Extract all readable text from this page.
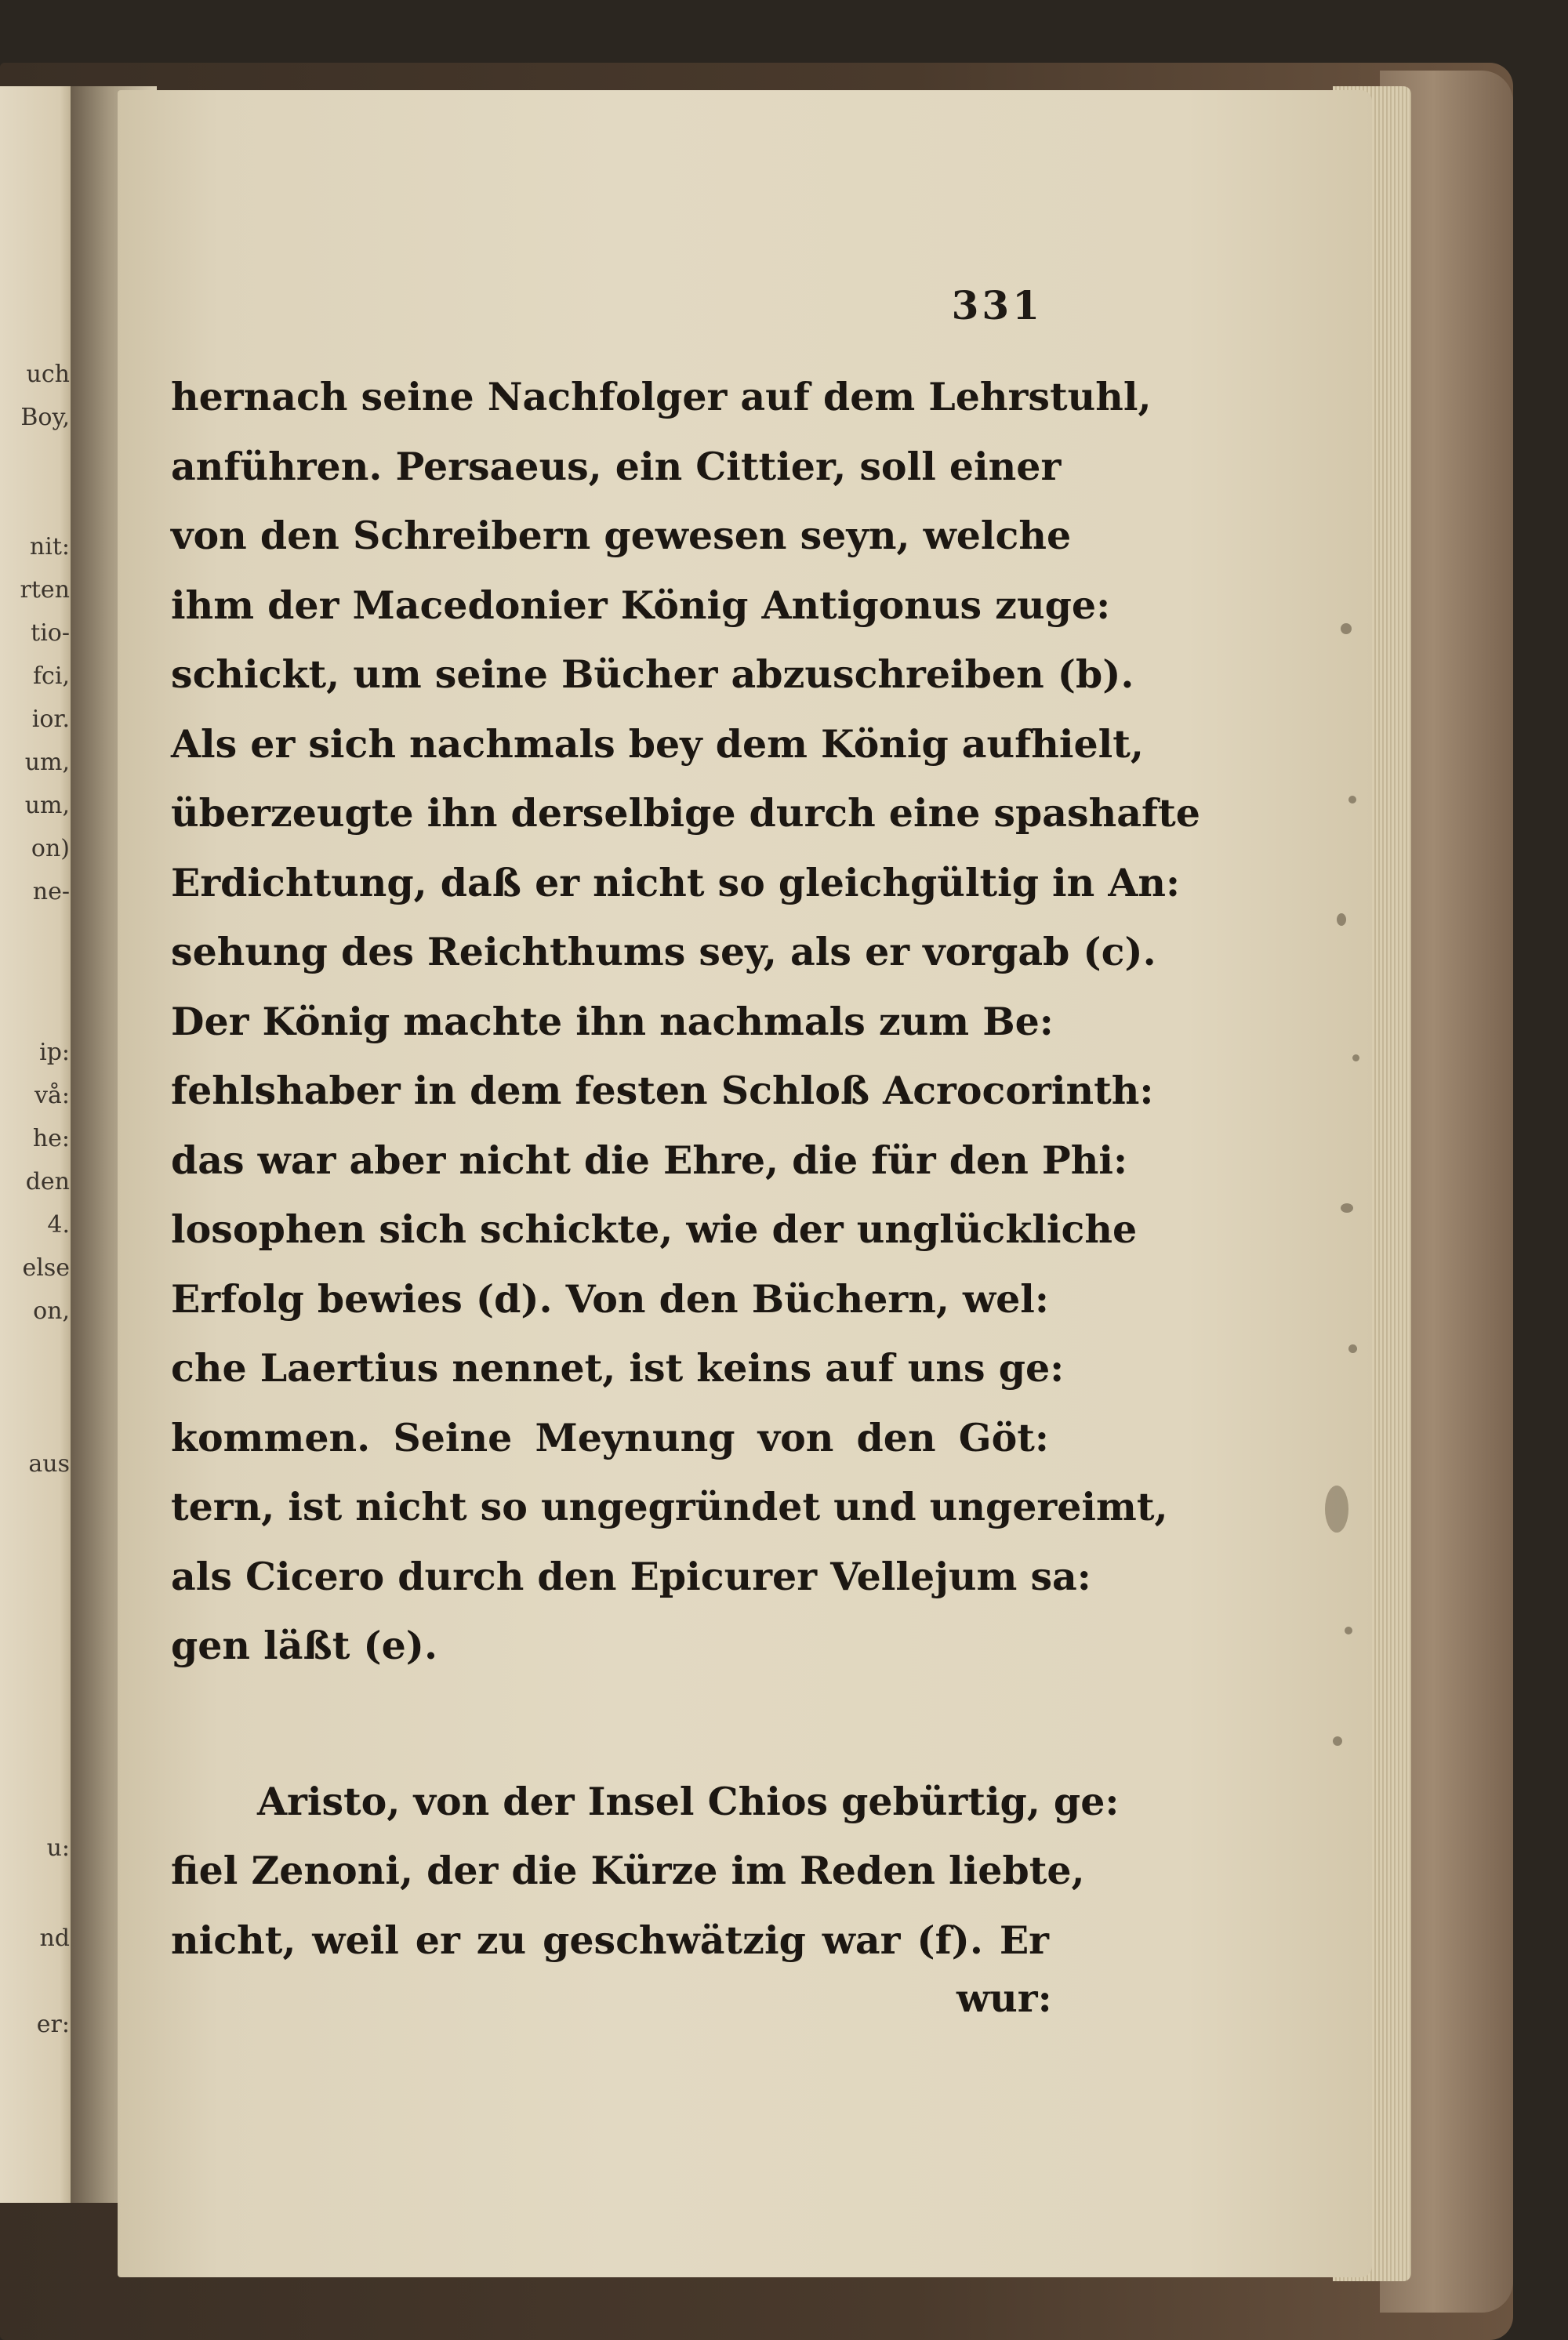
uch
Boy,
nit:
rten
tio-
fci,
ior.
um,
um,
on)
ne-
ip:
vå:
he:
den
4.
else
on,
aus
u:
nd
er:
331
hernach seine Nachfolger auf dem Lehrstuhl,
anführen. Persaeus, ein Cittier, soll einer
von den Schreibern gewesen seyn, welche
ihm der Macedonier König Antigonus zuge:
schickt, um seine Bücher abzuschreiben (b).
Als er sich nachmals bey dem König aufhielt,
überzeugte ihn derselbige durch eine spashafte
Erdichtung, daß er nicht so gleichgültig in An:
sehung des Reichthums sey, als er vorgab (c).
Der König machte ihn nachmals zum Be:
fehlshaber in dem festen Schloß Acrocorinth:
das war aber nicht die Ehre, die für den Phi:
losophen sich schickte, wie der unglückliche
Erfolg bewies (d). Von den Büchern, wel:
che Laertius nennet, ist keins auf uns ge:
kommen. Seine Meynung von den Göt:
tern, ist nicht so ungegründet und ungereimt,
als Cicero durch den Epicurer Vellejum sa:
gen läßt (e).
Aristo, von der Insel Chios gebürtig, ge:
fiel Zenoni, der die Kürze im Reden liebte,
nicht, weil er zu geschwätzig war (f). Er
wur:
